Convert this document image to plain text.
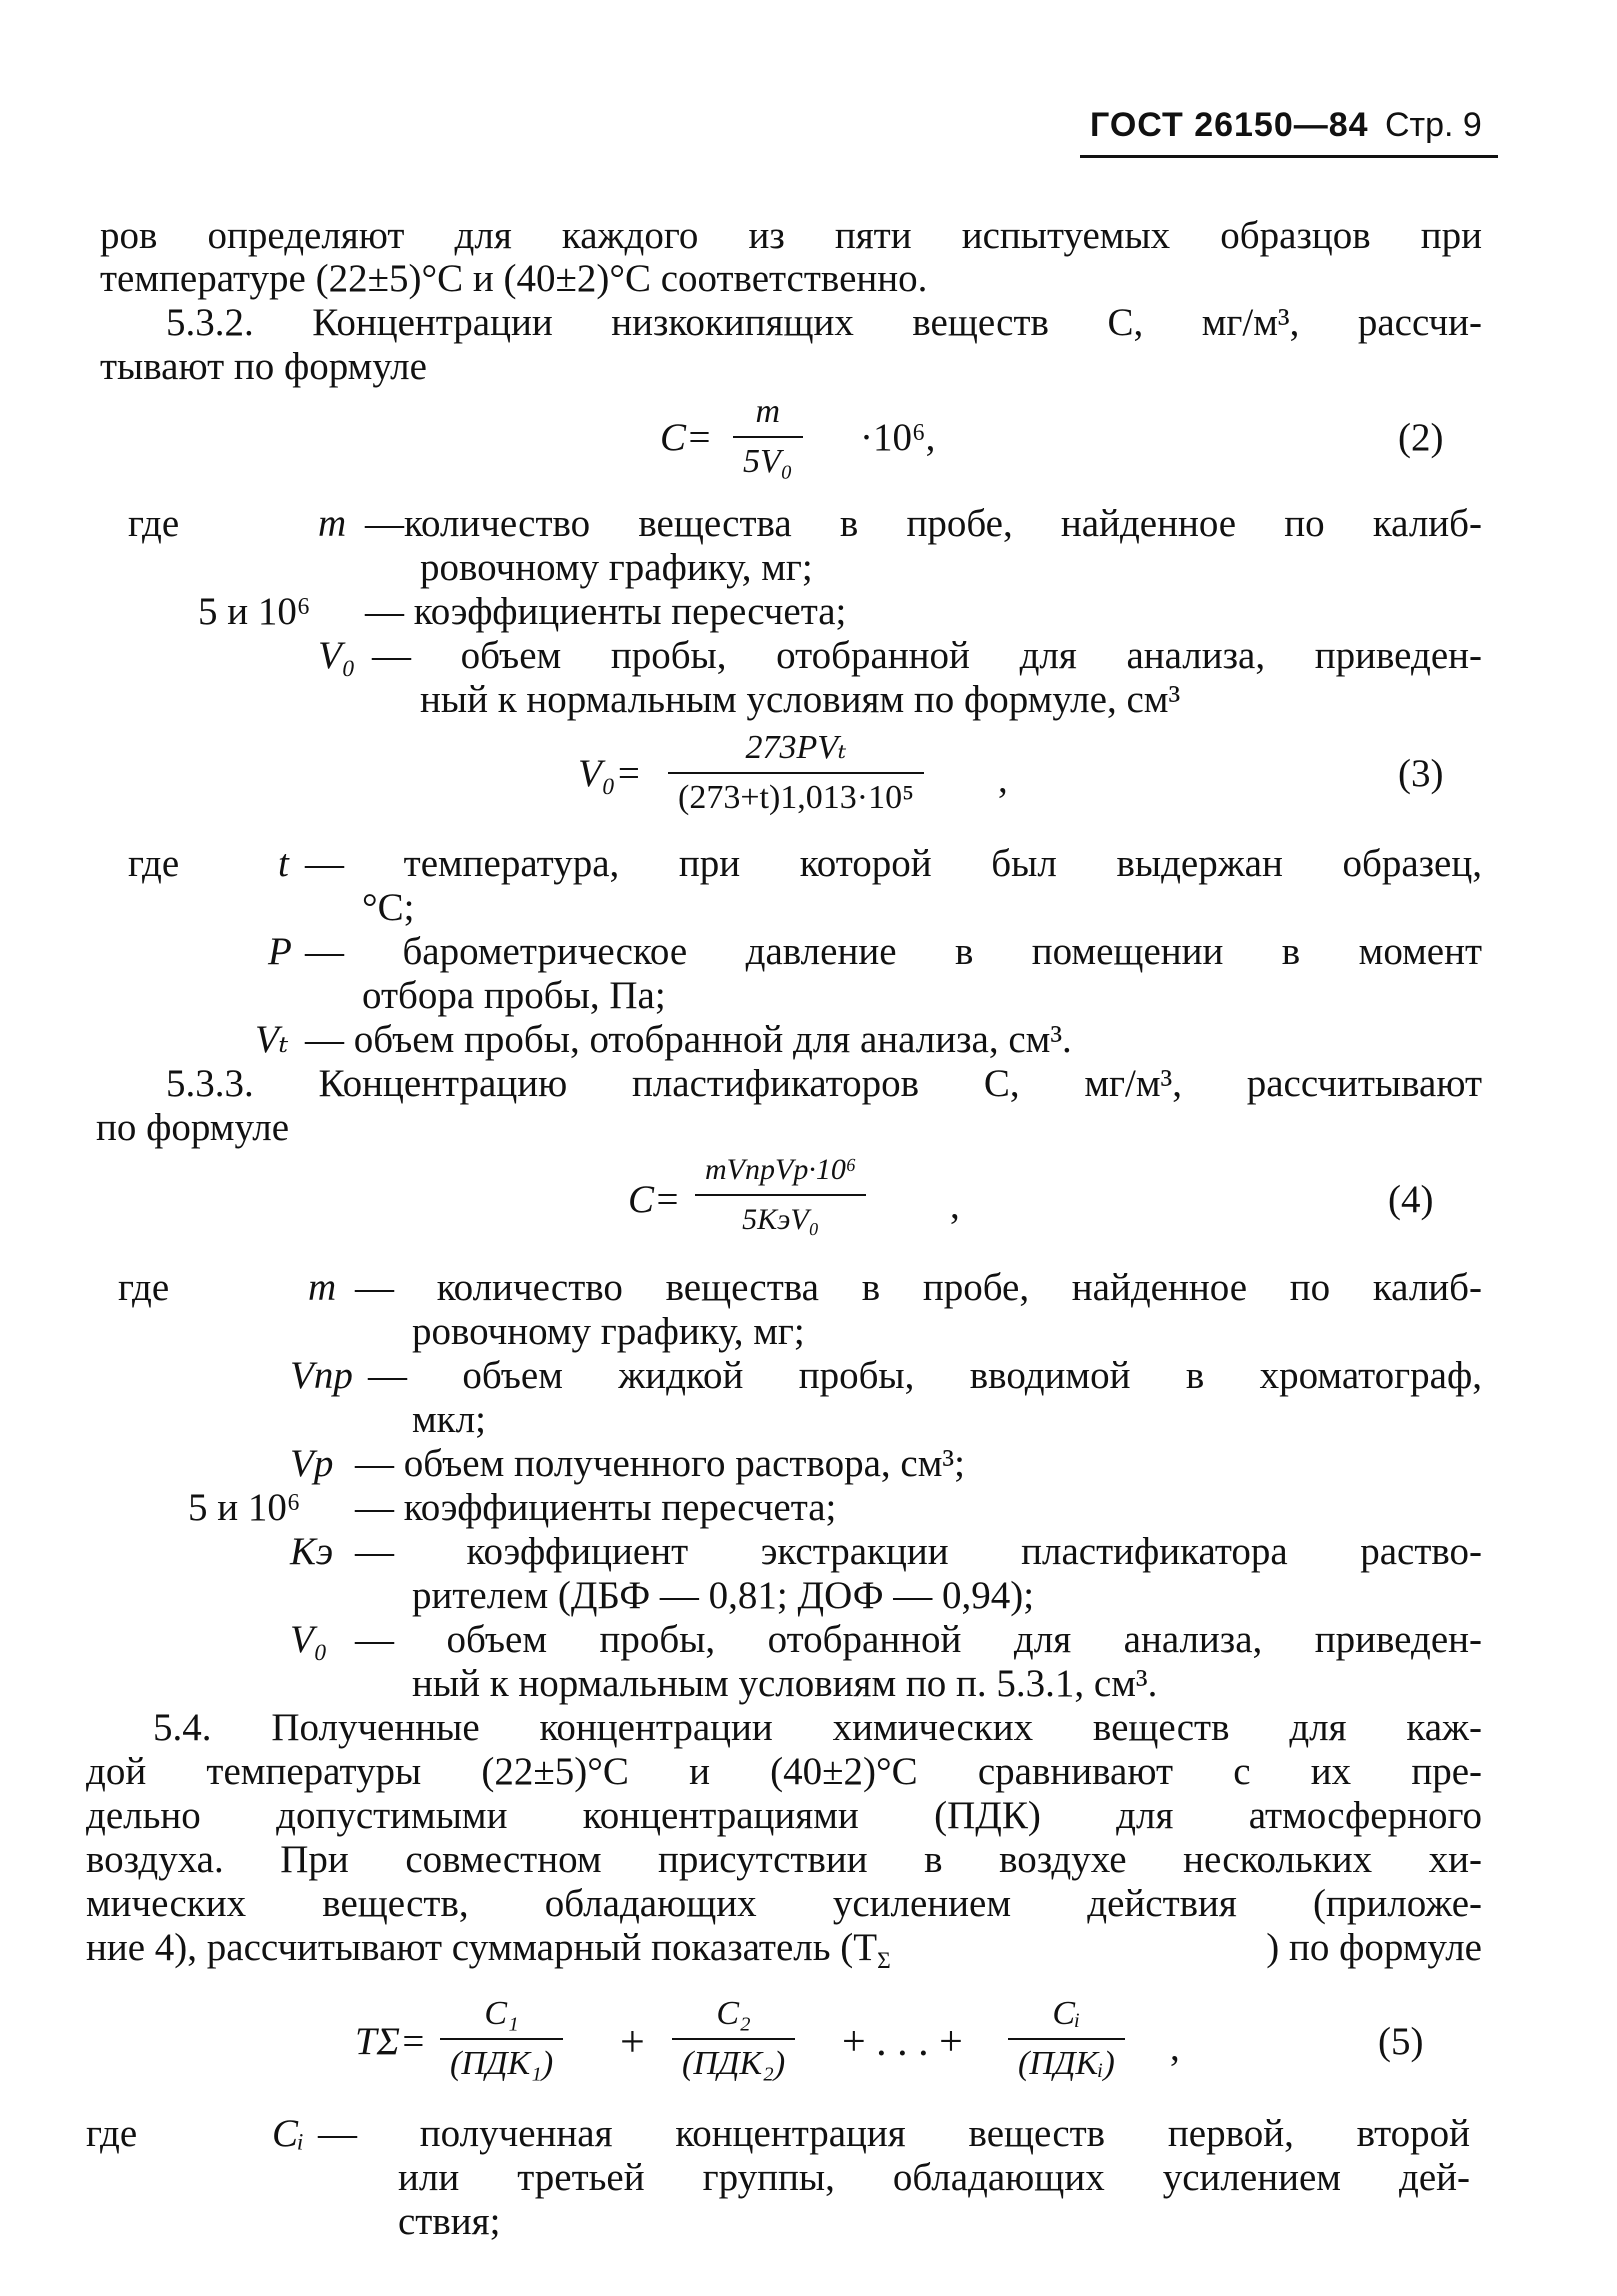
ГОСТ 26150—84 Стр. 9
ров определяют для каждого из пяти испытуемых образцов при
температуре (22±5)°С и (40±2)°С соответственно.
5.3.2. Концентрации низкокипящих веществ С, мг/м³, рассчи-
тывают по формуле
С=
m
5V₀
·10⁶,	(2)
где	m —количество вещества в пробе, найденное по калиб-
ровочному графику, мг;
5 и 10⁶ — коэффициенты пересчета;
V₀ — объем пробы, отобранной для анализа, приведен-
ный к нормальным условиям по формуле, см³
V₀=
273PVₜ
(273+t)1,013·10⁵ ,	(3)
где	t — температура, при которой был выдержан образец,
°С;
P — барометрическое давление в помещении в момент
отбора пробы, Па;
Vₜ — объем пробы, отобранной для анализа, см³.
5.3.3. Концентрацию пластификаторов С, мг/м³, рассчитывают
по формуле
С=
mVпрVр·10⁶
5KэV₀	,	(4)
где	m — количество вещества в пробе, найденное по калиб-
ровочному графику, мг;
Vпр — объем жидкой пробы, вводимой в хроматограф,
мкл;
Vр — объем полученного раствора, см³;
5 и 10⁶ — коэффициенты пересчета;
Kэ — коэффициент экстракции пластификатора раство-
рителем (ДБФ — 0,81; ДОФ — 0,94);
V₀ — объем пробы, отобранной для анализа, приведен-
ный к нормальным условиям по п. 5.3.1, см³.
5.4. Полученные концентрации химических веществ для каж-
дой температуры (22±5)°С и (40±2)°С сравнивают с их пре-
дельно допустимыми концентрациями (ПДК) для атмосферного
воздуха. При совместном присутствии в воздухе нескольких хи-
мических веществ, обладающих усилением действия (приложе-
ние 4), рассчитывают суммарный показатель ($T_\Sigma$	) по формуле
TΣ=
C₁
(ПДК₁) +
C₂
(ПДК₂) + . . . +
Cᵢ
(ПДКᵢ) ,	(5)
где	Cᵢ — полученная концентрация веществ первой, второй
или третьей группы, обладающих усилением дей-
ствия;
